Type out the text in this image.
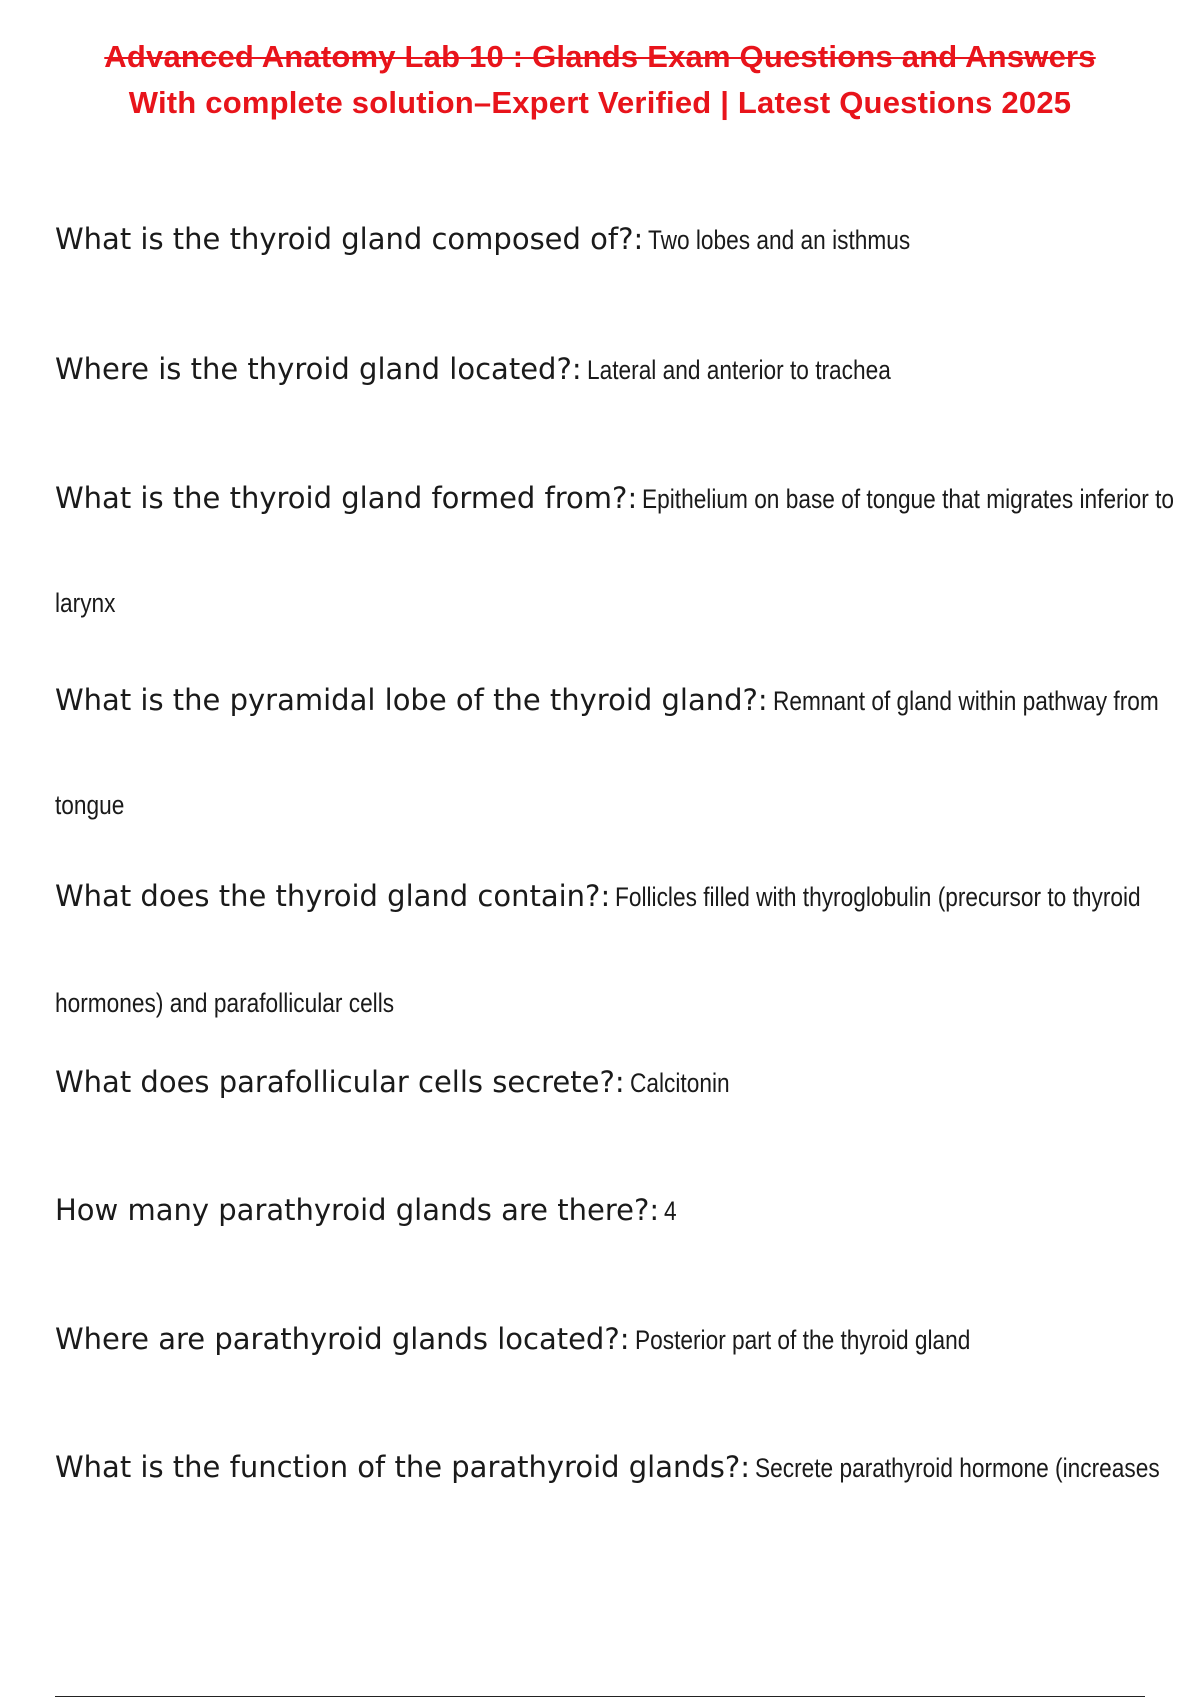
Advanced Anatomy Lab 10 : Glands Exam Questions and Answers
With complete solution–Expert Verified | Latest Questions 2025
What is the thyroid gland composed of?: Two lobes and an isthmus
Where is the thyroid gland located?: Lateral and anterior to trachea
What is the thyroid gland formed from?: Epithelium on base of tongue that migrates inferior to
larynx
What is the pyramidal lobe of the thyroid gland?: Remnant of gland within pathway from
tongue
What does the thyroid gland contain?: Follicles filled with thyroglobulin (precursor to thyroid
hormones) and parafollicular cells
What does parafollicular cells secrete?: Calcitonin
How many parathyroid glands are there?: 4
Where are parathyroid glands located?: Posterior part of the thyroid gland
What is the function of the parathyroid glands?: Secrete parathyroid hormone (increases
